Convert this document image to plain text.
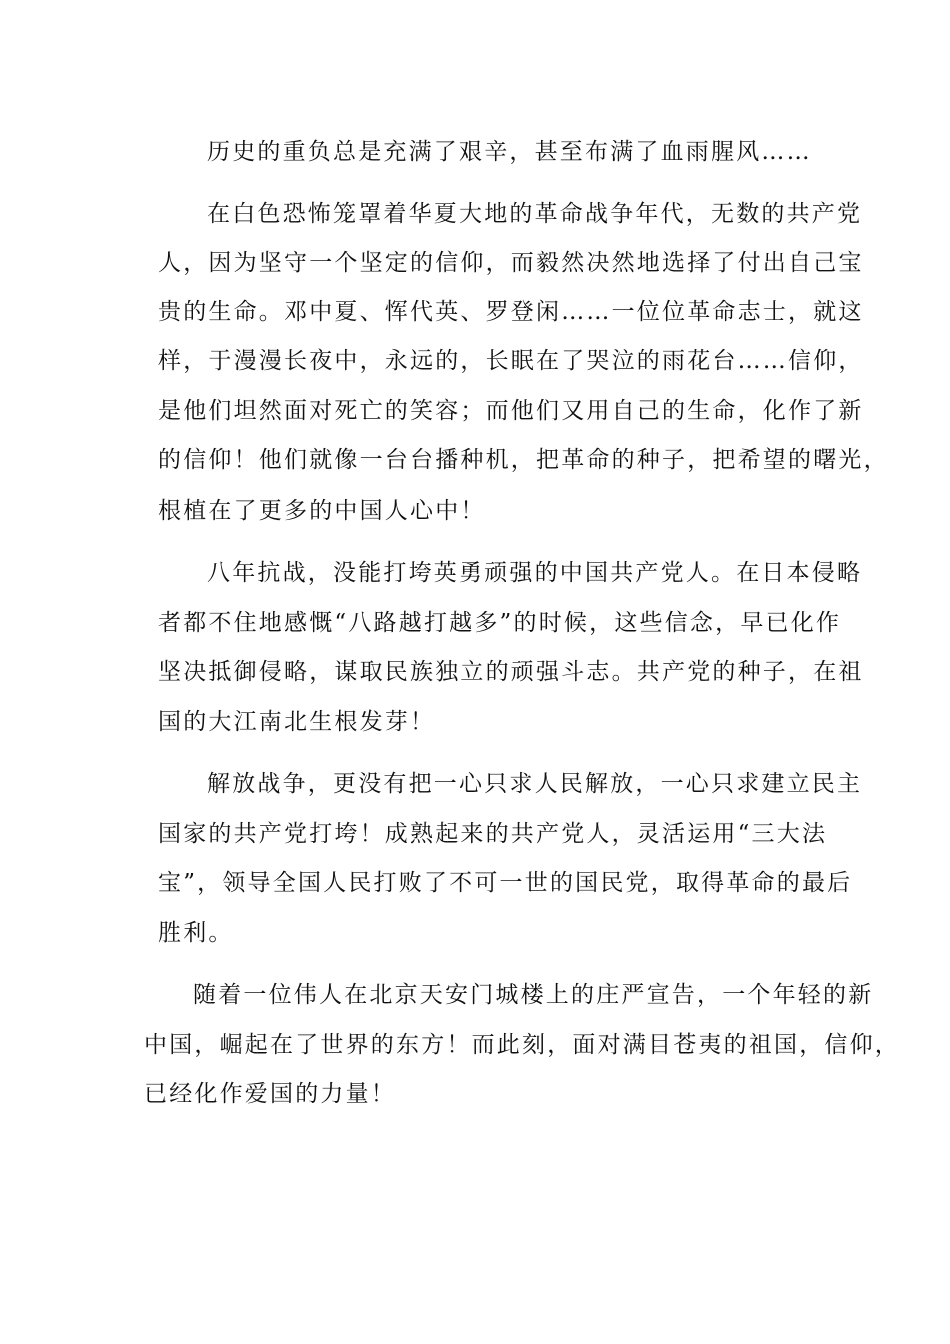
历史的重负总是充满了艰辛，甚至布满了血雨腥风……
在白色恐怖笼罩着华夏大地的革命战争年代，无数的共产党
人，因为坚守一个坚定的信仰，而毅然决然地选择了付出自己宝
贵的生命。邓中夏、恽代英、罗登闲……一位位革命志士，就这
样，于漫漫长夜中，永远的，长眠在了哭泣的雨花台……信仰，
是他们坦然面对死亡的笑容；而他们又用自己的生命，化作了新
的信仰！他们就像一台台播种机，把革命的种子，把希望的曙光，
根植在了更多的中国人心中！
八年抗战，没能打垮英勇顽强的中国共产党人。在日本侵略
者都不住地感慨“八路越打越多”的时候，这些信念，早已化作
坚决抵御侵略，谋取民族独立的顽强斗志。共产党的种子，在祖
国的大江南北生根发芽！
解放战争，更没有把一心只求人民解放，一心只求建立民主
国家的共产党打垮！成熟起来的共产党人，灵活运用“三大法
宝”，领导全国人民打败了不可一世的国民党，取得革命的最后
胜利。
随着一位伟人在北京天安门城楼上的庄严宣告，一个年轻的新
中国，崛起在了世界的东方！而此刻，面对满目苍夷的祖国，信仰，
已经化作爱国的力量！
